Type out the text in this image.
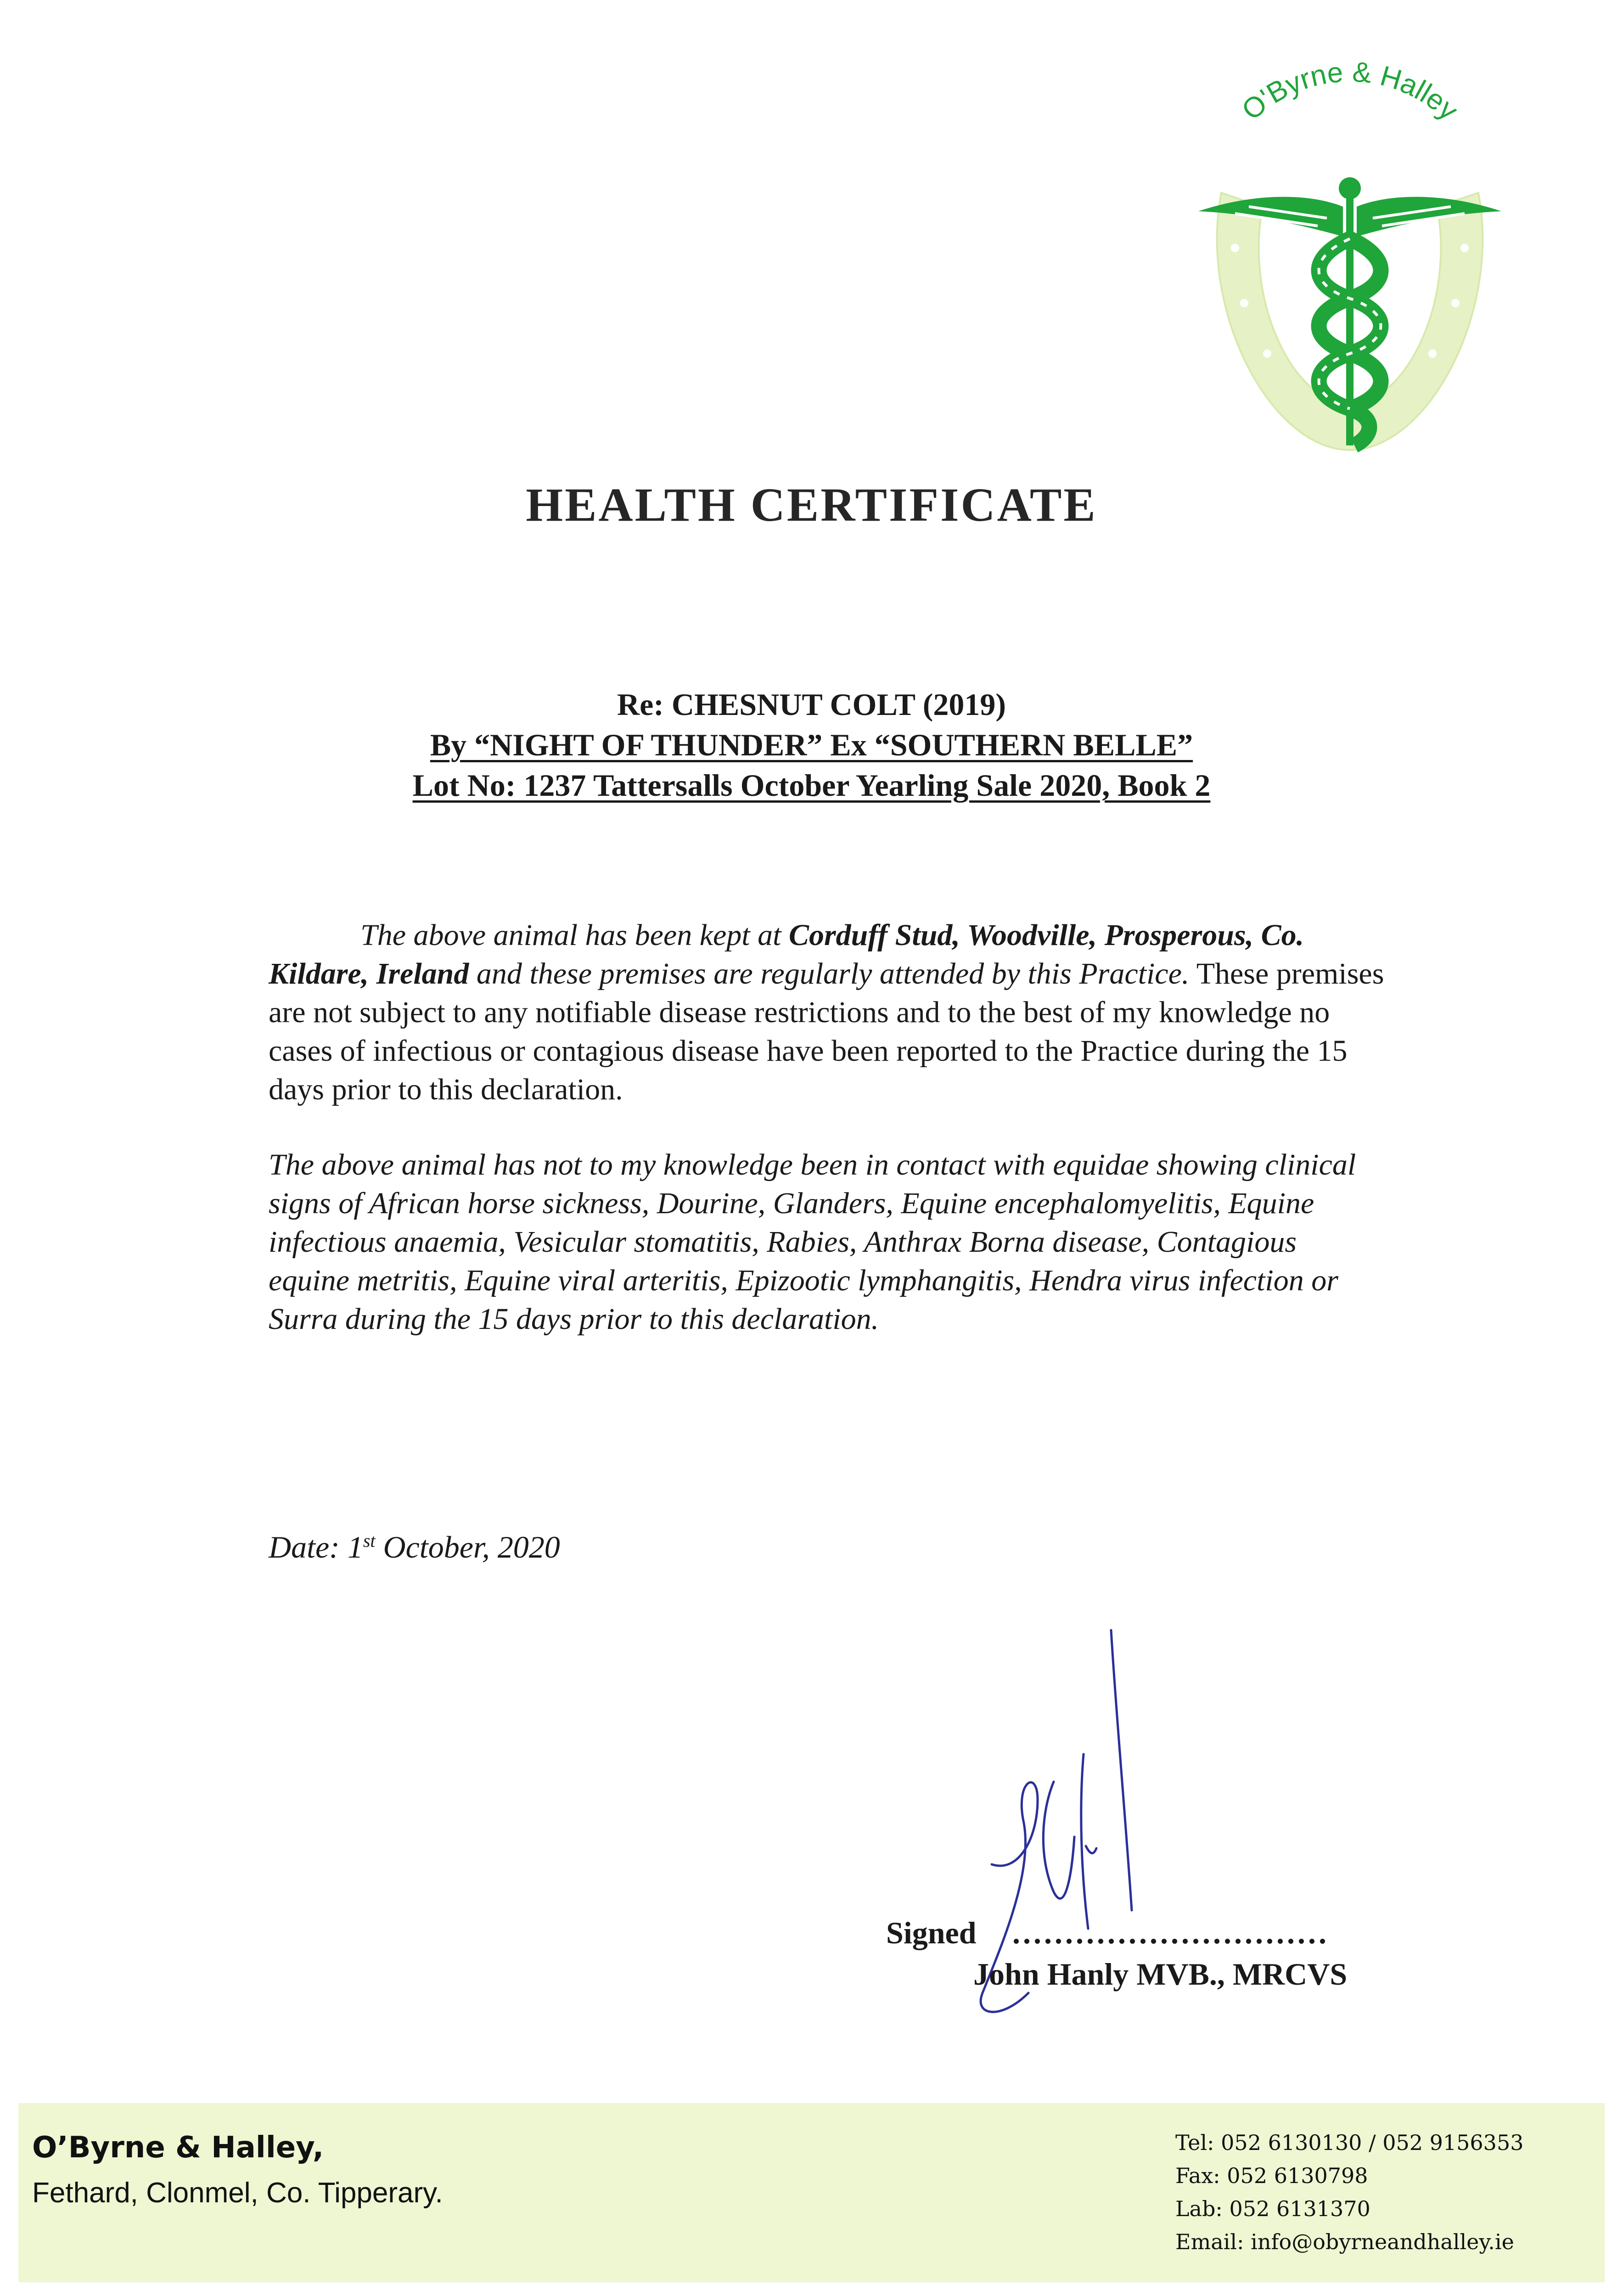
O'Byrne & Halley
HEALTH CERTIFICATE
Re: CHESNUT COLT (2019)
By “NIGHT OF THUNDER” Ex “SOUTHERN BELLE”
Lot No: 1237 Tattersalls October Yearling Sale 2020, Book 2
The above animal has been kept at Corduff Stud, Woodville, Prosperous, Co. Kildare, Ireland and these premises are regularly attended by this Practice. These premises are not subject to any notifiable disease restrictions and to the best of my knowledge no cases of infectious or contagious disease have been reported to the Practice during the 15 days prior to this declaration.
The above animal has not to my knowledge been in contact with equidae showing clinical signs of African horse sickness, Dourine, Glanders, Equine encephalomyelitis, Equine infectious anaemia, Vesicular stomatitis, Rabies, Anthrax Borna disease, Contagious equine metritis, Equine viral arteritis, Epizootic lymphangitis, Hendra virus infection or Surra during the 15 days prior to this declaration.
Date: 1st October, 2020
Signed ..............................
John Hanly MVB., MRCVS
O’Byrne & Halley,
Fethard, Clonmel, Co. Tipperary.
Tel: 052 6130130 / 052 9156353
Fax: 052 6130798
Lab: 052 6131370
Email: info@obyrneandhalley.ie
